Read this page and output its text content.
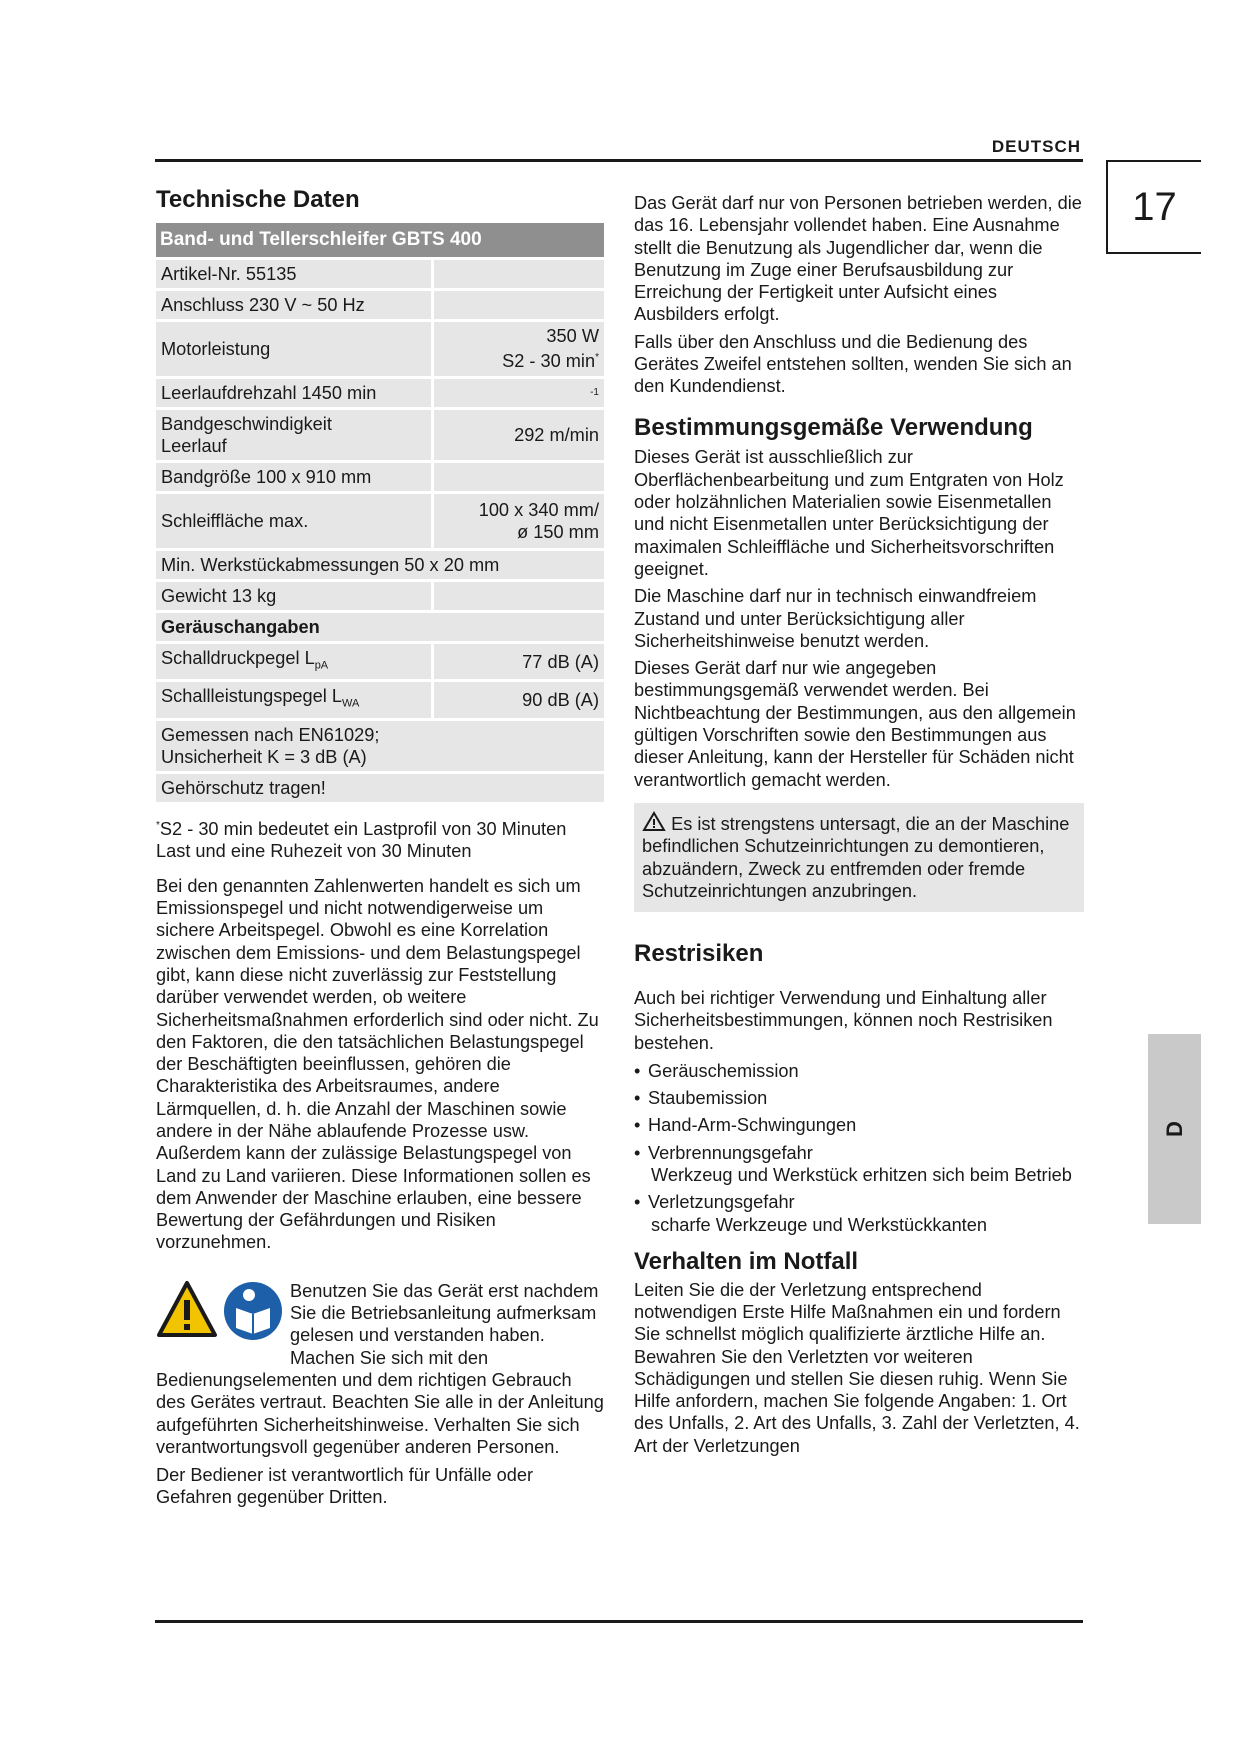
DEUTSCH
17
D
Technische Daten
Band- und Tellerschleifer GBTS 400	
Artikel-Nr. 55135	
Anschluss 230 V ~ 50 Hz	
Motorleistung	350 W
S2 - 30 min*

Leerlaufdrehzahl 1450 min	-1

Bandgeschwindigkeit
Leerlauf	292 m/min
Bandgröße 100 x 910 mm	
Schleiffläche max.	100 x 340 mm/
ø 150 mm

Min. Werkstückabmessungen 50 x 20 mm	
Gewicht 13 kg	
Geräuschangaben	
Schalldruckpegel $L_{pA}$	77 dB (A)
Schallleistungspegel $L_{WA}$	90 dB (A)

Gemessen nach EN61029;
Unsicherheit K = 3 dB (A)	

Gehörschutz tragen!	

*S2 - 30 min bedeutet ein Lastprofil von 30 Minuten Last und eine Ruhezeit von 30 Minuten

Bei den genannten Zahlenwerten handelt es sich um Emissionspegel und nicht notwendigerweise um sichere Arbeitspegel. Obwohl es eine Korrelation zwischen dem Emissions- und dem Belastungspegel gibt, kann diese nicht zuverlässig zur Feststellung darüber verwendet werden, ob weitere Sicherheitsmaßnahmen erforderlich sind oder nicht. Zu den Faktoren, die den tatsächlichen Belastungspegel der Beschäftigten beeinflussen, gehören die Charakteristika des Arbeitsraumes, andere Lärmquellen, d. h. die Anzahl der Maschinen sowie andere in der Nähe ablaufende Prozesse usw. Außerdem kann der zulässige Belastungspegel von Land zu Land variieren. Diese Informationen sollen es dem Anwender der Maschine erlauben, eine bessere Bewertung der Gefährdungen und Risiken vorzunehmen.

Benutzen Sie das Gerät erst nachdem Sie die Betriebsanleitung aufmerksam gelesen und verstanden haben. Machen Sie sich mit den Bedienungselementen und dem richtigen Gebrauch des Gerätes vertraut. Beachten Sie alle in der Anleitung aufgeführten Sicherheitshinweise. Verhalten Sie sich verantwortungsvoll gegenüber anderen Personen.

Der Bediener ist verantwortlich für Unfälle oder Gefahren gegenüber Dritten.

Das Gerät darf nur von Personen betrieben werden, die das 16. Lebensjahr vollendet haben. Eine Ausnahme stellt die Benutzung als Jugendlicher dar, wenn die Benutzung im Zuge einer Berufsausbildung zur Erreichung der Fertigkeit unter Aufsicht eines Ausbilders erfolgt.

Falls über den Anschluss und die Bedienung des Gerätes Zweifel entstehen sollten, wenden Sie sich an den Kundendienst.

Bestimmungsgemäße Verwendung

Dieses Gerät ist ausschließlich zur Oberflächenbearbeitung und zum Entgraten von Holz oder holzähnlichen Materialien sowie Eisenmetallen und nicht Eisenmetallen unter Berücksichtigung der maximalen Schleiffläche und Sicherheitsvorschriften geeignet.

Die Maschine darf nur in technisch einwandfreiem Zustand und unter Berücksichtigung aller Sicherheitshinweise benutzt werden.

Dieses Gerät darf nur wie angegeben bestimmungsgemäß verwendet werden. Bei Nichtbeachtung der Bestimmungen, aus den allgemein gültigen Vorschriften sowie den Bestimmungen aus dieser Anleitung, kann der Hersteller für Schäden nicht verantwortlich gemacht werden.

Es ist strengstens untersagt, die an der Maschine befindlichen Schutzeinrichtungen zu demontieren, abzuändern, Zweck zu entfremden oder fremde Schutzeinrichtungen anzubringen.

Restrisiken

Auch bei richtiger Verwendung und Einhaltung aller Sicherheitsbestimmungen, können noch Restrisiken bestehen.

• Geräuschemission
• Staubemission
• Hand-Arm-Schwingungen
• Verbrennungsgefahr
Werkzeug und Werkstück erhitzen sich beim Betrieb
• Verletzungsgefahr
scharfe Werkzeuge und Werkstückkanten
Verhalten im Notfall

Leiten Sie die der Verletzung entsprechend notwendigen Erste Hilfe Maßnahmen ein und fordern Sie schnellst möglich qualifizierte ärztliche Hilfe an. Bewahren Sie den Verletzten vor weiteren Schädigungen und stellen Sie diesen ruhig. Wenn Sie Hilfe anfordern, machen Sie folgende Angaben: 1. Ort des Unfalls, 2. Art des Unfalls, 3. Zahl der Verletzten, 4. Art der Verletzungen
